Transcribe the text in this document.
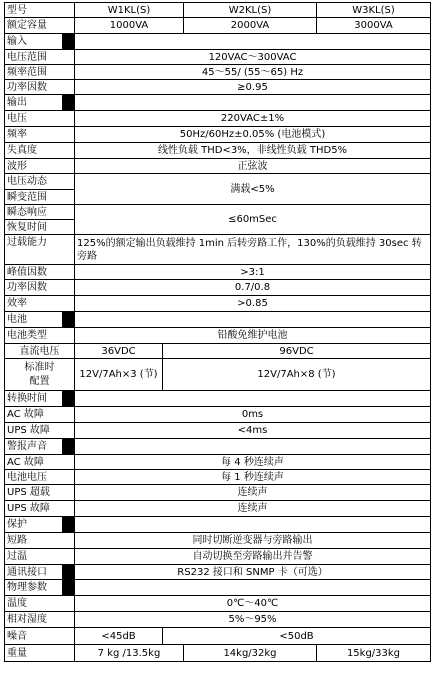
型号		W1KL(S)		W2KL(S)	W3KL(S)
额定容量		1000VA		2000VA	3000VA
输入					
电压范围		120VAC～300VAC			
频率范围		45～55/ (55～65) Hz			
功率因数		≥0.95			
输出					
电压		220VAC±1%			
频率		50Hz/60Hz±0.05% (电池模式)			
失真度		线性负载 THD<3%，非线性负载 THD5%			
波形		正弦波			
电压动态		满载<5%			
瞬变范围					
瞬态响应		≤60mSec			
恢复时间					
过载能力		125%的额定输出负载维持 1min 后转旁路工作，130%的负载维持 30sec 转旁路			
峰值因数		>3:1			
功率因数		0.7/0.8			
效率		>0.85			
电池					
电池类型		铅酸免维护电池			
直流电压		36VDC	96VDC		
标准时
配置		12V/7Ah×3 (节)	12V/7Ah×8 (节)		
转换时间					
AC 故障		0ms			
UPS 故障		<4ms			
警报声音					
AC 故障		每 4 秒连续声			
电池电压		每 1 秒连续声			
UPS 超载		连续声			
UPS 故障		连续声			
保护					
短路		同时切断逆变器与旁路输出			
过温		自动切换至旁路输出并告警			
通讯接口		RS232 接口和 SNMP 卡（可选）			
物理参数					
温度		0℃～40℃			
相对湿度		5%～95%			
噪音		<45dB	<50dB		
重量		7 kg /13.5kg		14kg/32kg	15kg/33kg
